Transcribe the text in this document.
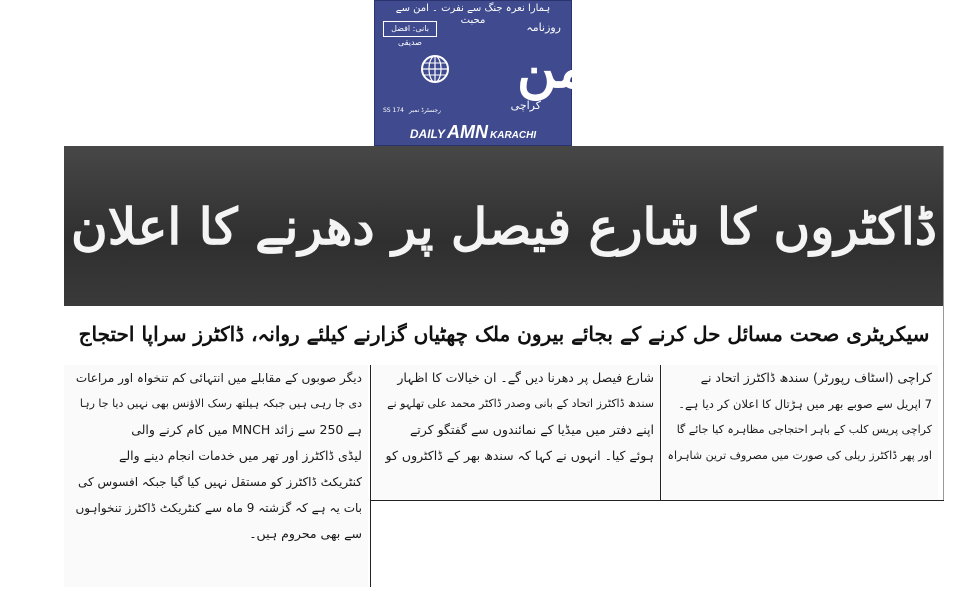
ہمارا نعرہ جنگ سے نفرت ۔ امن سے محبت
بانی: افضل صدیقی
روزنامہ
امن
کراچی
SS 174 رجسٹرڈ نمبر
DAILY AMN KARACHI
ڈاکٹروں کا شارع فیصل پر دھرنے کا اعلان
سیکریٹری صحت مسائل حل کرنے کے بجائے بیرون ملک چھٹیاں گزارنے کیلئے روانہ، ڈاکٹرز سراپا احتجاج
کراچی (اسٹاف رپورٹر) سندھ ڈاکٹرز اتحاد نے
7 اپریل سے صوبے بھر میں ہڑتال کا اعلان کر دیا ہے۔
کراچی پریس کلب کے باہر احتجاجی مظاہرہ کیا جائے گا
اور پھر ڈاکٹرز ریلی کی صورت میں مصروف ترین شاہراہ
شارع فیصل پر دھرنا دیں گے۔ ان خیالات کا اظہار
سندھ ڈاکٹرز اتحاد کے بانی وصدر ڈاکٹر محمد علی تھلہو نے
اپنے دفتر میں میڈیا کے نمائندوں سے گفتگو کرتے
ہوئے کیا۔ انہوں نے کہا کہ سندھ بھر کے ڈاکٹروں کو
دیگر صوبوں کے مقابلے میں انتہائی کم تنخواہ اور مراعات
دی جا رہی ہیں جبکہ ہیلتھ رسک الاؤنس بھی نہیں دیا جا رہا
ہے 250 سے زائد MNCH میں کام کرنے والی
لیڈی ڈاکٹرز اور تھر میں خدمات انجام دینے والے
کنٹریکٹ ڈاکٹرز کو مستقل نہیں کیا گیا جبکہ افسوس کی
بات یہ ہے کہ گزشتہ 9 ماہ سے کنٹریکٹ ڈاکٹرز تنخواہوں
سے بھی محروم ہیں۔
